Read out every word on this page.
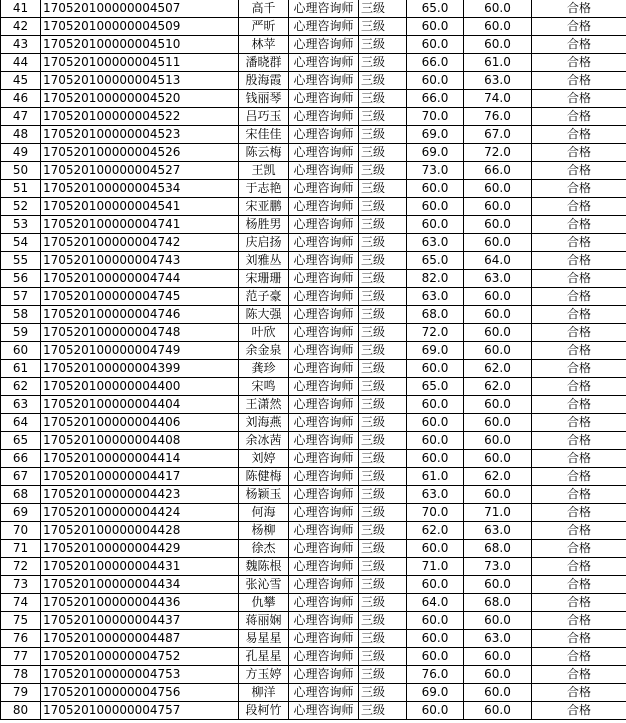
41	170520100000004507	高千	心理咨询师	三级	65.0	60.0	合格
42	170520100000004509	严昕	心理咨询师	三级	60.0	60.0	合格
43	170520100000004510	林苹	心理咨询师	三级	60.0	60.0	合格
44	170520100000004511	潘晓群	心理咨询师	三级	66.0	61.0	合格
45	170520100000004513	殷海霞	心理咨询师	三级	60.0	63.0	合格
46	170520100000004520	钱丽琴	心理咨询师	三级	66.0	74.0	合格
47	170520100000004522	吕巧玉	心理咨询师	三级	70.0	76.0	合格
48	170520100000004523	宋佳佳	心理咨询师	三级	69.0	67.0	合格
49	170520100000004526	陈云梅	心理咨询师	三级	69.0	72.0	合格
50	170520100000004527	王凯	心理咨询师	三级	73.0	66.0	合格
51	170520100000004534	于志艳	心理咨询师	三级	60.0	60.0	合格
52	170520100000004541	宋亚鹏	心理咨询师	三级	60.0	60.0	合格
53	170520100000004741	杨胜男	心理咨询师	三级	60.0	60.0	合格
54	170520100000004742	庆启扬	心理咨询师	三级	63.0	60.0	合格
55	170520100000004743	刘雅丛	心理咨询师	三级	65.0	64.0	合格
56	170520100000004744	宋珊珊	心理咨询师	三级	82.0	63.0	合格
57	170520100000004745	范子豪	心理咨询师	三级	63.0	60.0	合格
58	170520100000004746	陈大强	心理咨询师	三级	68.0	60.0	合格
59	170520100000004748	叶欣	心理咨询师	三级	72.0	60.0	合格
60	170520100000004749	余金泉	心理咨询师	三级	69.0	60.0	合格
61	170520100000004399	龚珍	心理咨询师	三级	60.0	62.0	合格
62	170520100000004400	宋鸣	心理咨询师	三级	65.0	62.0	合格
63	170520100000004404	王潇然	心理咨询师	三级	60.0	60.0	合格
64	170520100000004406	刘海燕	心理咨询师	三级	60.0	60.0	合格
65	170520100000004408	余冰茜	心理咨询师	三级	60.0	60.0	合格
66	170520100000004414	刘婷	心理咨询师	三级	60.0	60.0	合格
67	170520100000004417	陈健梅	心理咨询师	三级	61.0	62.0	合格
68	170520100000004423	杨颖玉	心理咨询师	三级	63.0	60.0	合格
69	170520100000004424	何海	心理咨询师	三级	70.0	71.0	合格
70	170520100000004428	杨柳	心理咨询师	三级	62.0	63.0	合格
71	170520100000004429	徐杰	心理咨询师	三级	60.0	68.0	合格
72	170520100000004431	魏陈根	心理咨询师	三级	71.0	73.0	合格
73	170520100000004434	张沁雪	心理咨询师	三级	60.0	60.0	合格
74	170520100000004436	仇攀	心理咨询师	三级	64.0	68.0	合格
75	170520100000004437	蒋丽娴	心理咨询师	三级	60.0	60.0	合格
76	170520100000004487	易星星	心理咨询师	三级	60.0	63.0	合格
77	170520100000004752	孔星星	心理咨询师	三级	60.0	60.0	合格
78	170520100000004753	方玉婷	心理咨询师	三级	76.0	60.0	合格
79	170520100000004756	柳洋	心理咨询师	三级	69.0	60.0	合格
80	170520100000004757	段柯竹	心理咨询师	三级	60.0	60.0	合格
